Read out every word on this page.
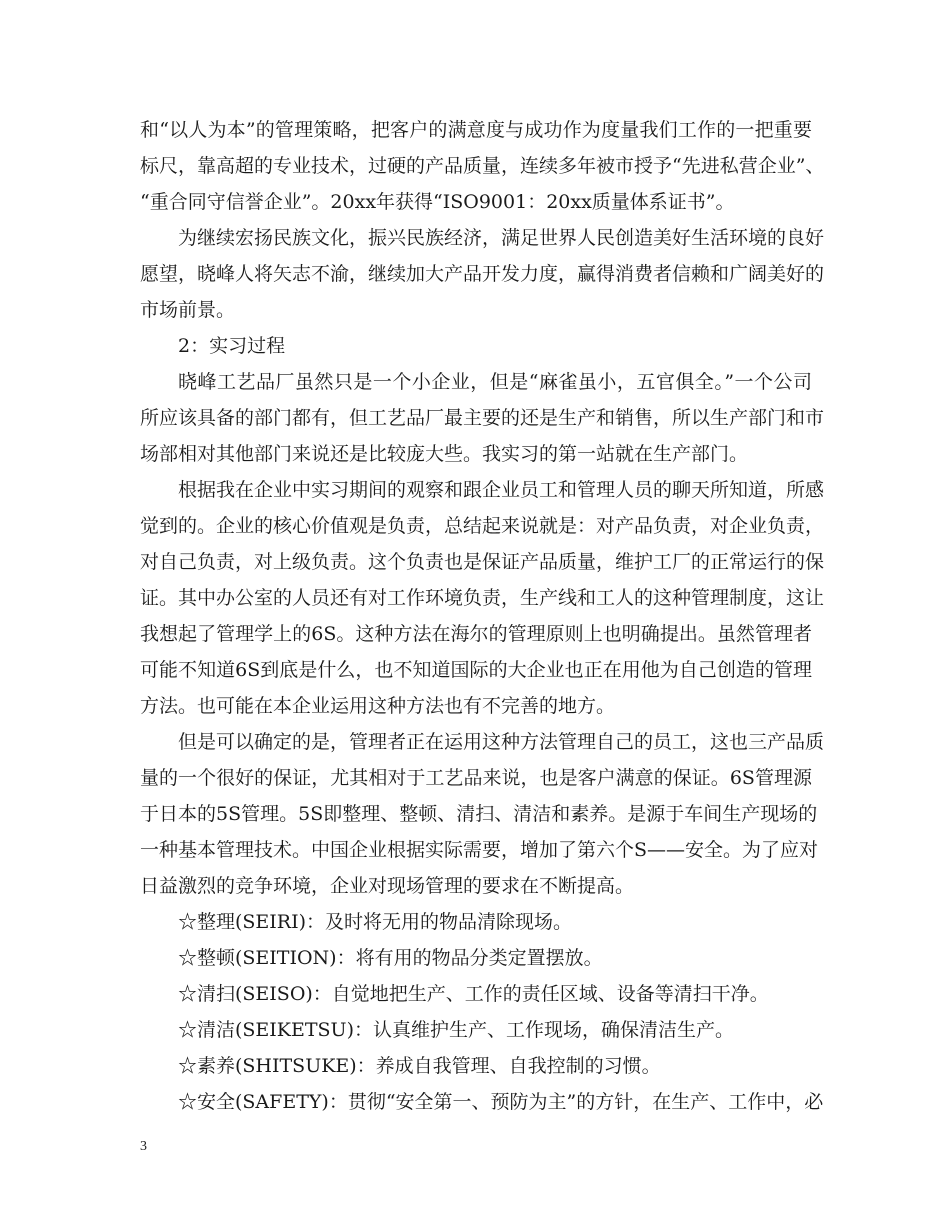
和“以人为本”的管理策略，把客户的满意度与成功作为度量我们工作的一把重要
标尺，靠高超的专业技术，过硬的产品质量，连续多年被市授予“先进私营企业”、
“重合同守信誉企业”。20xx年获得“ISO9001：20xx质量体系证书”。
为继续宏扬民族文化，振兴民族经济，满足世界人民创造美好生活环境的良好
愿望，晓峰人将矢志不渝，继续加大产品开发力度，赢得消费者信赖和广阔美好的
市场前景。
2：实习过程
晓峰工艺品厂虽然只是一个小企业，但是“麻雀虽小，五官俱全。”一个公司
所应该具备的部门都有，但工艺品厂最主要的还是生产和销售，所以生产部门和市
场部相对其他部门来说还是比较庞大些。我实习的第一站就在生产部门。
根据我在企业中实习期间的观察和跟企业员工和管理人员的聊天所知道，所感
觉到的。企业的核心价值观是负责，总结起来说就是：对产品负责，对企业负责，
对自己负责，对上级负责。这个负责也是保证产品质量，维护工厂的正常运行的保
证。其中办公室的人员还有对工作环境负责，生产线和工人的这种管理制度，这让
我想起了管理学上的6S。这种方法在海尔的管理原则上也明确提出。虽然管理者
可能不知道6S到底是什么，也不知道国际的大企业也正在用他为自己创造的管理
方法。也可能在本企业运用这种方法也有不完善的地方。
但是可以确定的是，管理者正在运用这种方法管理自己的员工，这也三产品质
量的一个很好的保证，尤其相对于工艺品来说，也是客户满意的保证。6S管理源
于日本的5S管理。5S即整理、整顿、清扫、清洁和素养。是源于车间生产现场的
一种基本管理技术。中国企业根据实际需要，增加了第六个S——安全。为了应对
日益激烈的竞争环境，企业对现场管理的要求在不断提高。
☆整理(SEIRI)：及时将无用的物品清除现场。
☆整顿(SEITION)：将有用的物品分类定置摆放。
☆清扫(SEISO)：自觉地把生产、工作的责任区域、设备等清扫干净。
☆清洁(SEIKETSU)：认真维护生产、工作现场，确保清洁生产。
☆素养(SHITSUKE)：养成自我管理、自我控制的习惯。
☆安全(SAFETY)：贯彻“安全第一、预防为主”的方针，在生产、工作中，必
3
